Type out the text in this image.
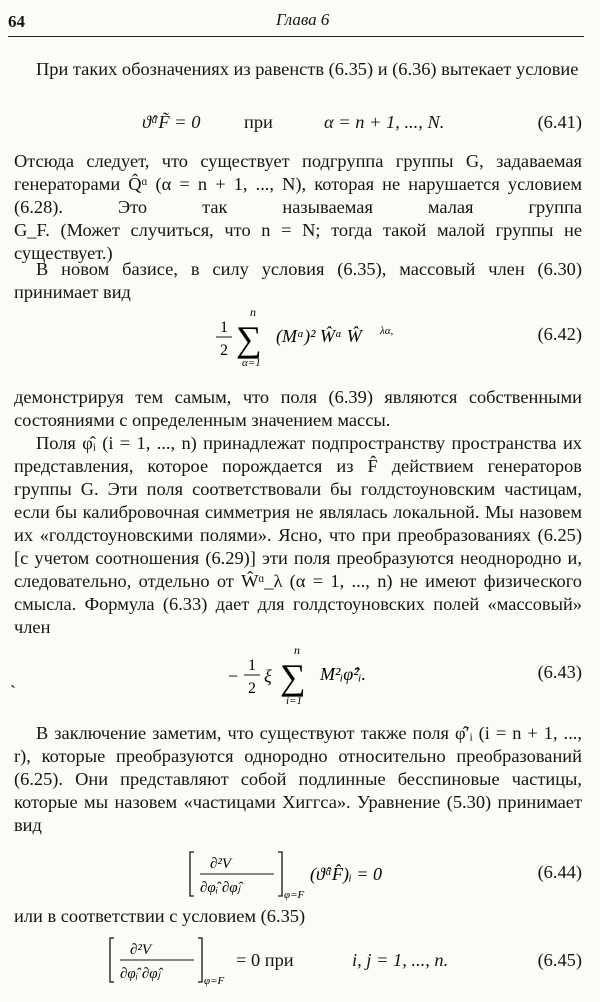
64	Глава 6
При таких обозначениях из равенств (6.35) и (6.36) вытекает условие
ϑ̂ᵅF̃ = 0 при	α = n + 1, ..., N.	(6.41)
Отсюда следует, что существует подгруппа группы G, задаваемая генераторами Q̂ᵅ (α = n + 1, ..., N), которая не нарушается условием (6.28). Это так называемая малая группа
G_F. (Может случиться, что n = N; тогда такой малой группы не существует.)
В новом базисе, в силу условия (6.35), массовый член (6.30) принимает вид
1
2
n
∑
α=1
(Mᵅ)² Ŵᵅ Ŵ λα,	(6.42)
демонстрируя тем самым, что поля (6.39) являются собственными состояниями с определенным значением массы.
Поля φ̂ᵢ (i = 1, ..., n) принадлежат подпространству пространства их представления, которое порождается из F̂ действием генераторов группы G. Эти поля соответствовали бы голдстоуновским частицам, если бы калибровочная симметрия не являлась локальной. Мы назовем их «голдстоуновскими полями». Ясно, что при преобразованиях (6.25) [с учетом соотношения (6.29)] эти поля преобразуются неоднородно и, следовательно, отдельно от Ŵᵅ_λ (α = 1, ..., n) не имеют физического смысла. Формула (6.33) дает для голдстоуновских полей «массовый» член
−
1
2
ξ
n
∑
i=1
M²ᵢφ̂²ᵢ.	(6.43)
`
В заключение заметим, что существуют также поля φ̂′ᵢ (i = n + 1, ..., r), которые преобразуются однородно относительно преобразований (6.25). Они представляют собой подлинные бесспиновые частицы, которые мы назовем «частицами Хиггса». Уравнение (5.30) принимает вид
∂²V
∂φ̂ᵢ ∂φ̂ⱼ	φ=F
(ϑ̂ᵅF̂)ᵢ = 0	(6.44)
или в соответствии с условием (6.35)
∂²V
∂φ̂ᵢ ∂φ̂ⱼ	φ=F
= 0 при	i, j = 1, ..., n.	(6.45)
